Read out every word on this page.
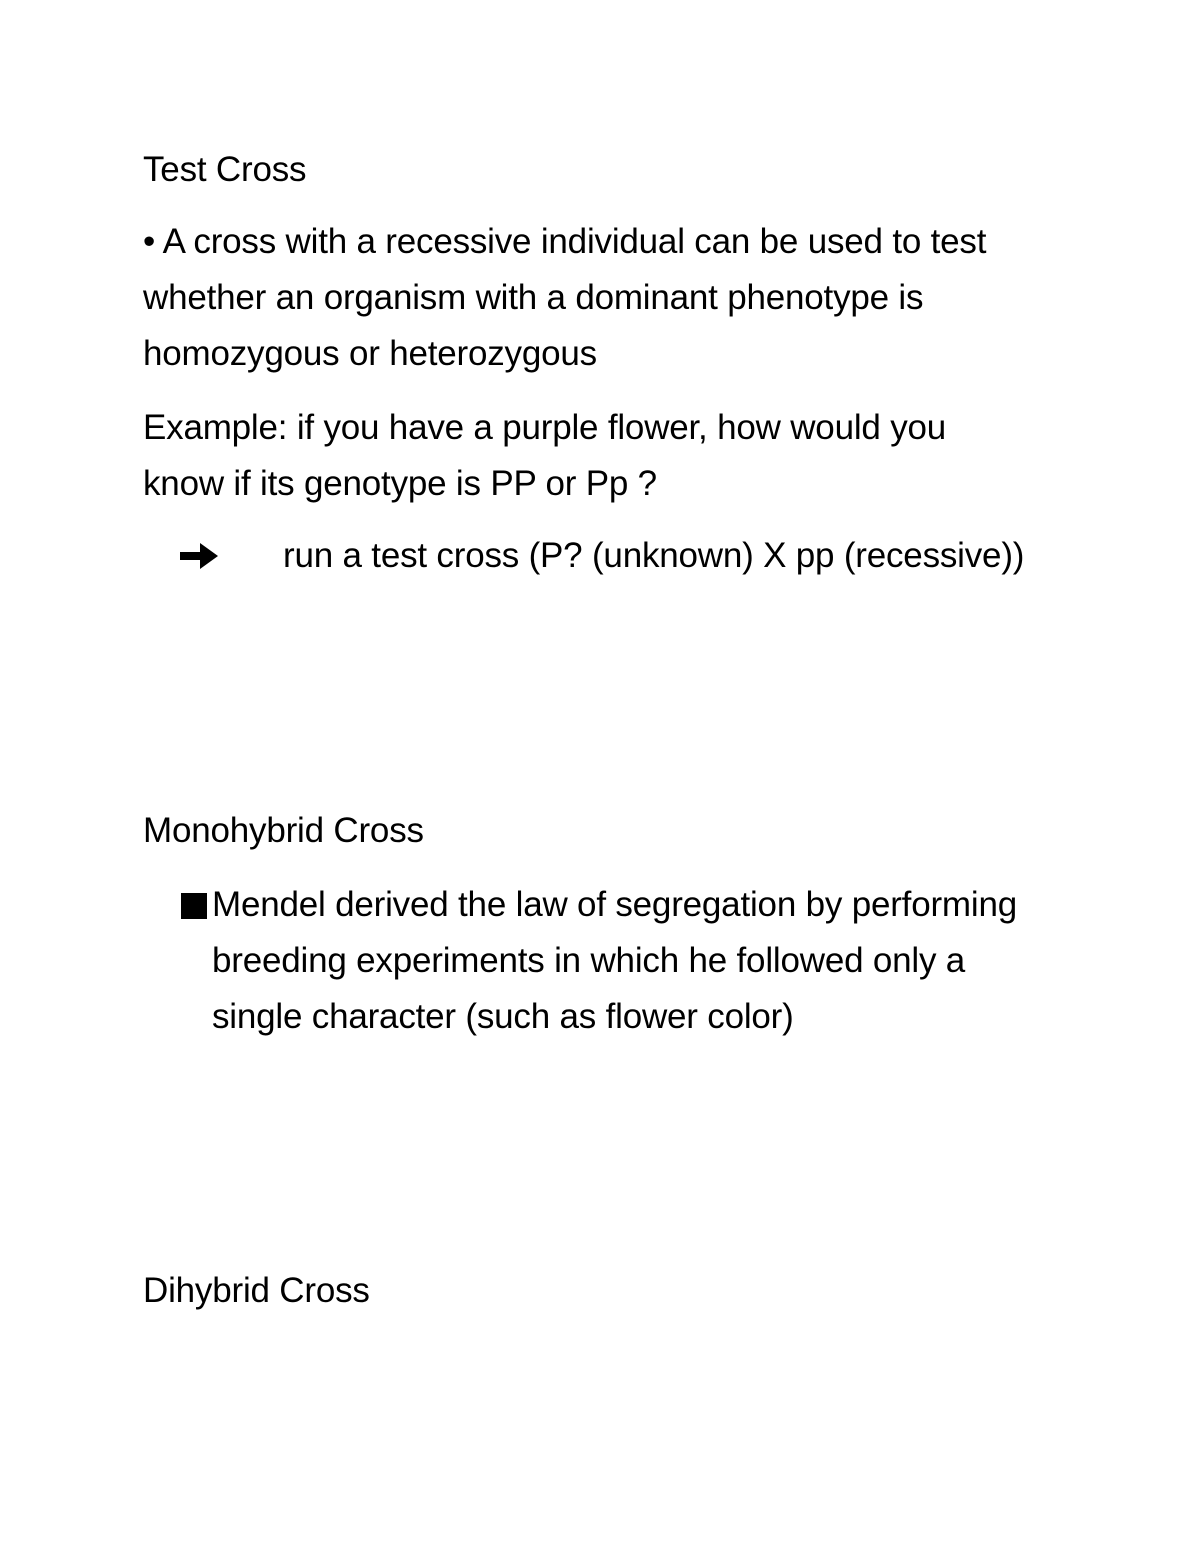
Test Cross

• A cross with a recessive individual can be used to test whether an organism with a dominant phenotype is homozygous or heterozygous

Example: if you have a purple flower, how would you know if its genotype is PP or Pp ?

run a test cross (P? (unknown) X pp (recessive))

Monohybrid Cross

Mendel derived the law of segregation by performing breeding experiments in which he followed only a single character (such as flower color)

Dihybrid Cross
